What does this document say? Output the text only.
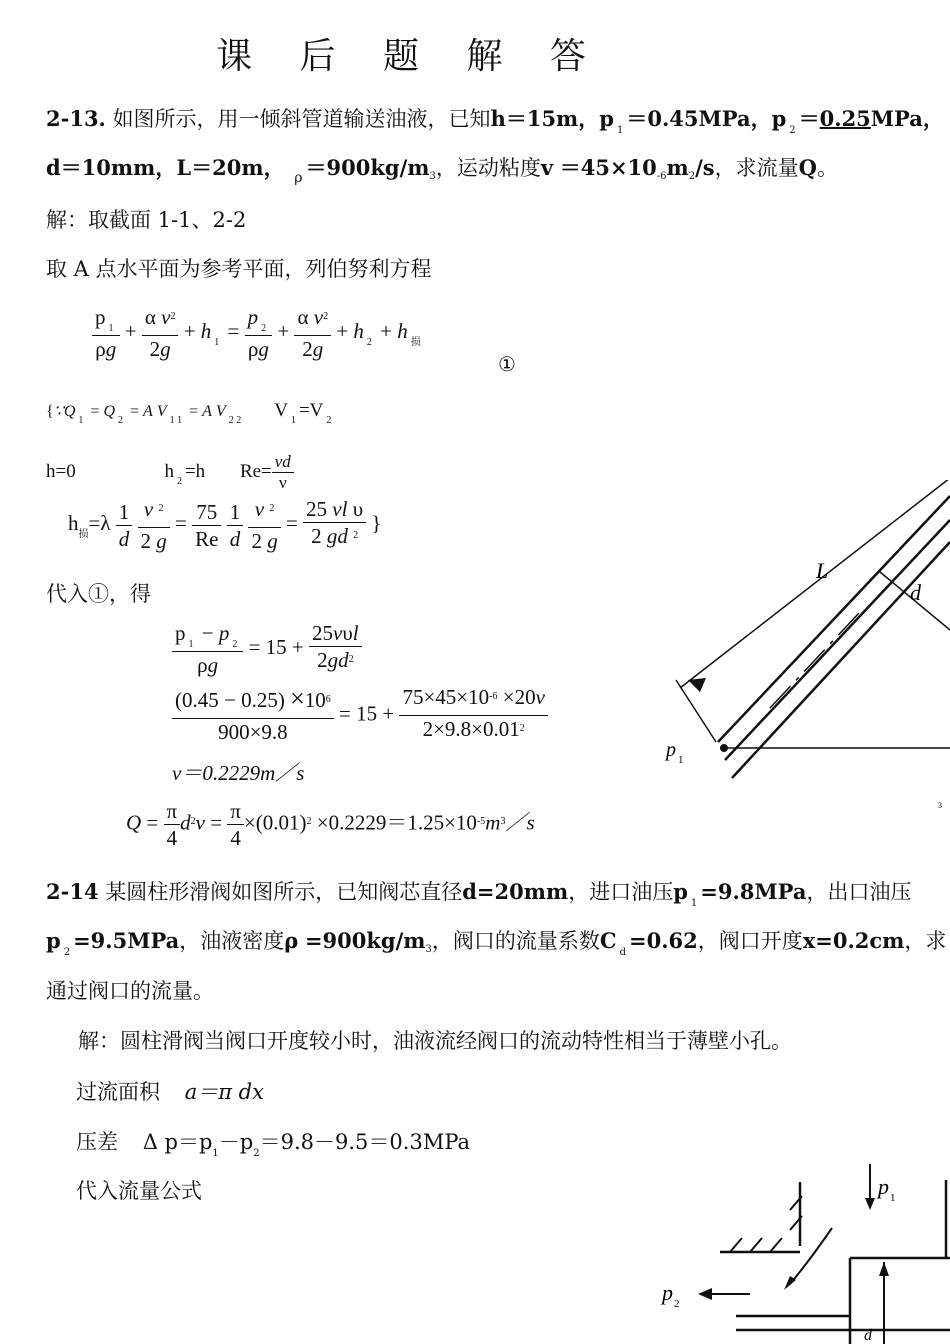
课 后 题 解 答
2-13. 如图所示，用一倾斜管道输送油液，已知h＝15m，p $_1$ ＝0.45MPa，p $_2$ ＝0.25MPa，
d＝10mm，L＝20m， $_\rho$ ＝900kg/m3，运动粘度v ＝45×10-6m2/s，求流量Q。
解：取截面 1-1、2-2
取 A 点水平面为参考平面，列伯努利方程
$\frac{p _1}{\rho g}$ +
α $v^2$

2g
+ h $_1 = \frac{p _2}{\rho g} + \frac{\alpha v^2}{2g} + h$ $_2$ + h $_损$
①
{$\because Q_1 = Q_2 = A$ $V_{1 1} = A$ $V_{2 2}$ V $_1$ =V $_2$
h=0	h $_2$ =h $Re= \frac{vd}{\nu}$
$h_损=\lambda \frac{1}{d}$
$\frac{v ^2}{2 g} = \frac{75}{Re}$
$\frac{1}{d}$
$\frac{v ^2}{2 g} = \frac{\text{25 vl υ}}{2 gd ^2}$ }
代入①，得
$\frac{p _1 - p _2}{\rho g} = 15 + \frac{\text{25vυl}}{2gd^2}$
$\frac{(0.45 - 0.25) \times 10^6}{900\times 9.8} = 15 + \frac{75\times 45\times 10^{-6} \times 20v}{2\times 9.8\times 0.01^2}$
v＝0.2229m／s
$Q = \frac{\pi}{4} d^2v = \frac{\pi}{4} \times(0.01)^2$ $\times 0.2229=1.25\times 10^{-5}m^3/s$
L
d
p 1
3
2-14 某圆柱形滑阀如图所示，已知阀芯直径d=20mm，进口油压p $_1$ =9.8MPa，出口油压
p $_2$ =9.5MPa，油液密度ρ =900kg/m3，阀口的流量系数C $_d$ =0.62，阀口开度x=0.2cm，求
通过阀口的流量。
解：圆柱滑阀当阀口开度较小时，油液流经阀口的流动特性相当于薄壁小孔。
过流面积 a＝π dx
压差 Δ $p=p_1-p_2=9.8-9.5=0.3MPa$
代入流量公式	p 1
p 2
d
